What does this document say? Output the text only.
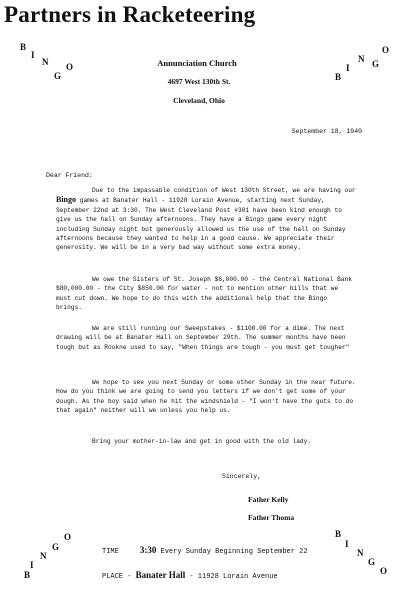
Partners in Racketeering
B
I
N
G
O
B
I
N G
O
Annunciation Church
4697 West 130th St.
Cleveland, Ohio
September 18, 1940
Dear Friend:

Due to the impassable condition of West 130th Street, we are having our Bingo games at Banater Hall - 11928 Lorain Avenue, starting next Sunday, September 22nd at 3:30. The West Cleveland Post #301 have been kind enough to give us the hall on Sunday afternoons. They have a Bingo game every night including Sunday night but generously allowed us the use of the hall on Sunday afternoons because they wanted to help in a good cause. We appreciate their generosity. We will be in a very bad way without some extra money.

We owe the Sisters of St. Joseph $6,000.00 - the Central National Bank $80,000.00 - the City $850.00 for water - not to mention other bills that we must cut down. We hope to do this with the additional help that the Bingo brings.

We are still running our Sweepstakes - $1100.00 for a dime. The next drawing will be at Banater Hall on September 29th. The summer months have been tough but as Rookne used to say, "When things are tough - you must get tougher"

We hope to see you next Sunday or some other Sunday in the near future. How do you think we are going to send you letters if we don't get some of your dough. As the boy said when he hit the windshield - "I won't have the guts to do that again" neither will we unless you help us.

Bring your mother-in-law and get in good with the old lady.

Sincerely,
Father Kelly
Father Thoma
B
I
N
G
O	B
I
N
G
O
TIME 3:30 Every Sunday Beginning September 22
PLACE - Banater Hall - 11928 Lorain Avenue
